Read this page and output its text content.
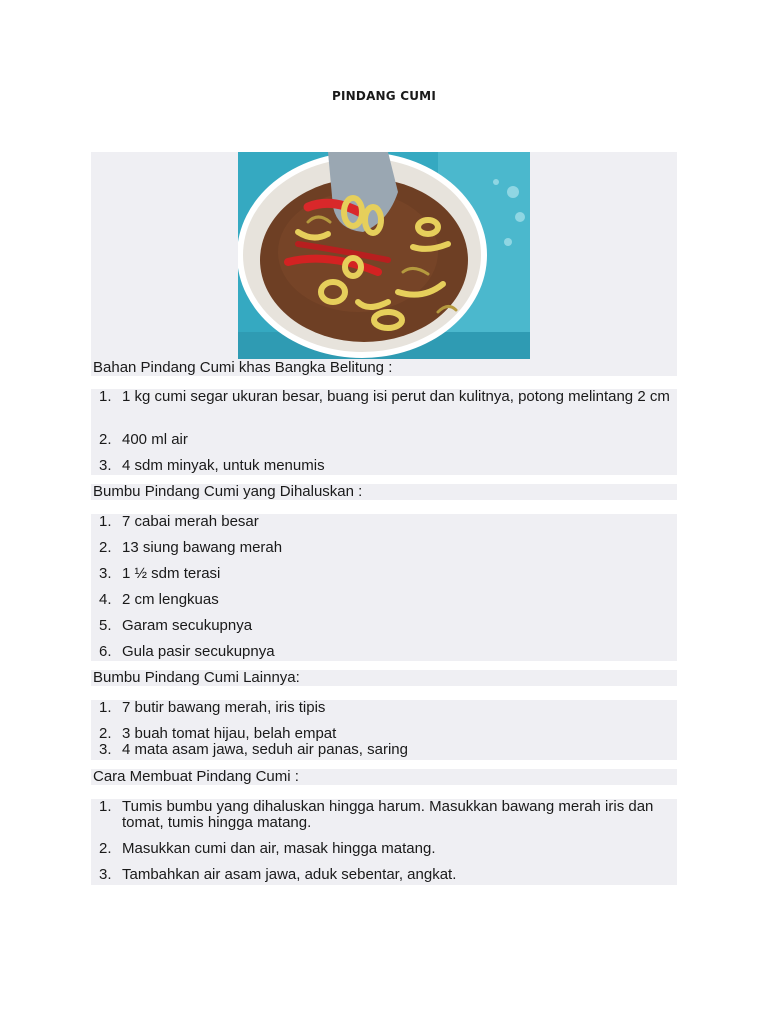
PINDANG CUMI
Bahan Pindang Cumi khas Bangka Belitung :
1. 1 kg cumi segar ukuran besar, buang isi perut dan kulitnya, potong melintang 2 cm
2. 400 ml air
3. 4 sdm minyak, untuk menumis
Bumbu Pindang Cumi yang Dihaluskan :
1. 7 cabai merah besar
2. 13 siung bawang merah
3. 1 ½ sdm terasi
4. 2 cm lengkuas
5. Garam secukupnya
6. Gula pasir secukupnya
Bumbu Pindang Cumi Lainnya:
1. 7 butir bawang merah, iris tipis
2. 3 buah tomat hijau, belah empat
3. 4 mata asam jawa, seduh air panas, saring
Cara Membuat Pindang Cumi :
1. Tumis bumbu yang dihaluskan hingga harum. Masukkan bawang merah iris dan tomat, tumis hingga matang.
2. Masukkan cumi dan air, masak hingga matang.
3. Tambahkan air asam jawa, aduk sebentar, angkat.
